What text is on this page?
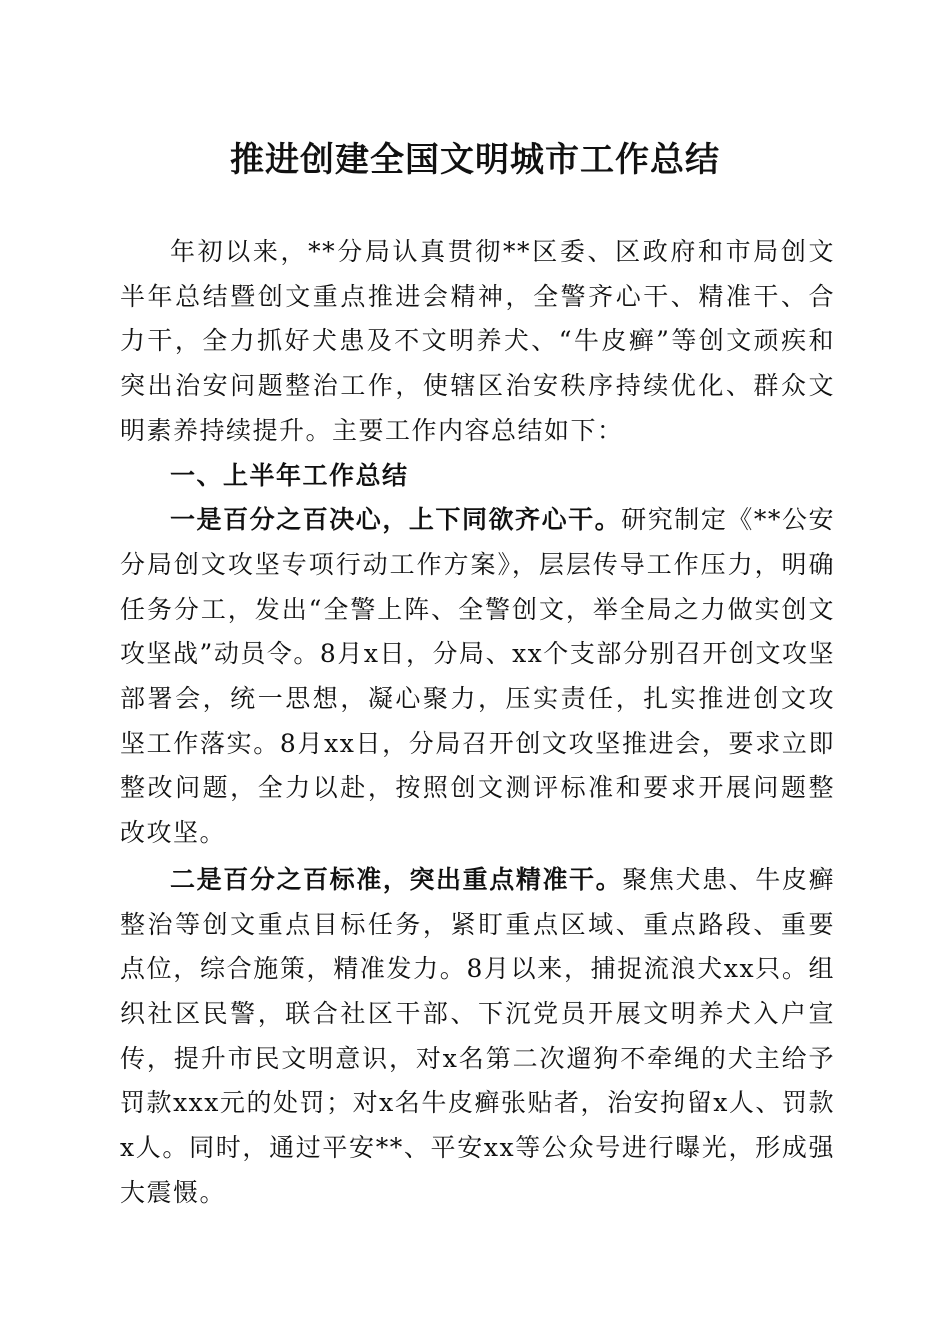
推进创建全国文明城市工作总结

年初以来，**分局认真贯彻**区委、区政府和市局创文半年总结暨创文重点推进会精神，全警齐心干、精准干、合力干，全力抓好犬患及不文明养犬、“牛皮癣”等创文顽疾和突出治安问题整治工作，使辖区治安秩序持续优化、群众文明素养持续提升。主要工作内容总结如下：

一、上半年工作总结

一是百分之百决心，上下同欲齐心干。研究制定《**公安分局创文攻坚专项行动工作方案》，层层传导工作压力，明确任务分工，发出“全警上阵、全警创文，举全局之力做实创文攻坚战”动员令。8月x日，分局、xx个支部分别召开创文攻坚部署会，统一思想，凝心聚力，压实责任，扎实推进创文攻坚工作落实。8月xx日，分局召开创文攻坚推进会，要求立即整改问题，全力以赴，按照创文测评标准和要求开展问题整改攻坚。

二是百分之百标准，突出重点精准干。聚焦犬患、牛皮癣整治等创文重点目标任务，紧盯重点区域、重点路段、重要点位，综合施策，精准发力。8月以来，捕捉流浪犬xx只。组织社区民警，联合社区干部、下沉党员开展文明养犬入户宣传，提升市民文明意识，对x名第二次遛狗不牵绳的犬主给予罚款xxx元的处罚；对x名牛皮癣张贴者，治安拘留x人、罚款x人。同时，通过平安**、平安xx等公众号进行曝光，形成强大震慑。
